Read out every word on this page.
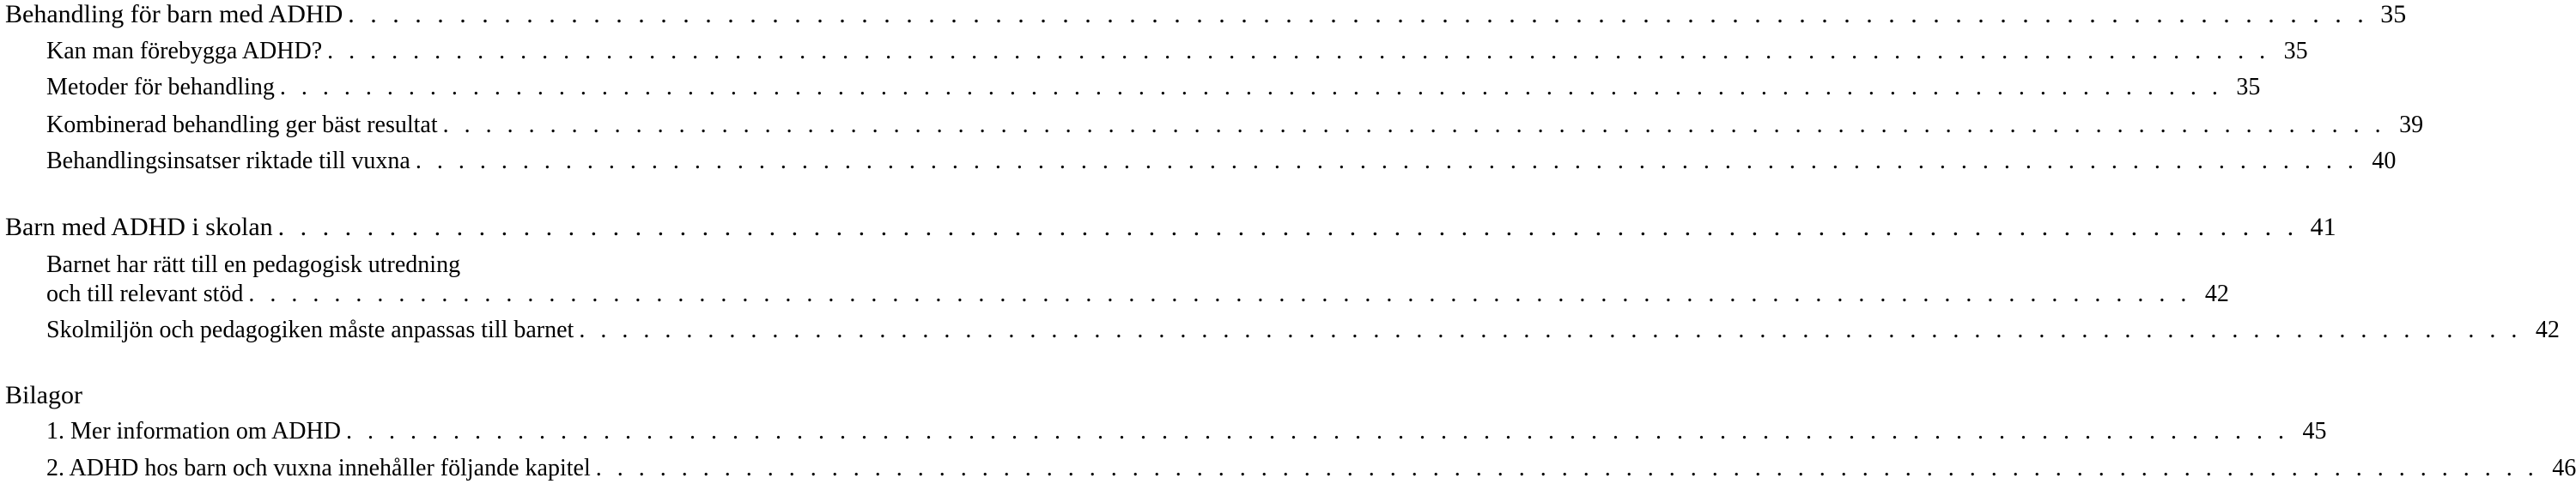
Behandling för barn med ADHD . . . . . . . . . . . . . . . . . . . . . . . . . . . . . . . . . . . . . . . . . . . . . . . . . . . . . . . . . . . . . . . . . . . . . . . . . . . . . . . . . . . . . . . . . . . 35
Kan man förebygga ADHD? . . . . . . . . . . . . . . . . . . . . . . . . . . . . . . . . . . . . . . . . . . . . . . . . . . . . . . . . . . . . . . . . . . . . . . . . . . . . . . . . . . . . . . . . . . . 35
Metoder för behandling . . . . . . . . . . . . . . . . . . . . . . . . . . . . . . . . . . . . . . . . . . . . . . . . . . . . . . . . . . . . . . . . . . . . . . . . . . . . . . . . . . . . . . . . . . . 35
Kombinerad behandling ger bäst resultat . . . . . . . . . . . . . . . . . . . . . . . . . . . . . . . . . . . . . . . . . . . . . . . . . . . . . . . . . . . . . . . . . . . . . . . . . . . . . . . . . . . . . . . . . . . 39
Behandlingsinsatser riktade till vuxna . . . . . . . . . . . . . . . . . . . . . . . . . . . . . . . . . . . . . . . . . . . . . . . . . . . . . . . . . . . . . . . . . . . . . . . . . . . . . . . . . . . . . . . . . . . 40
Barn med ADHD i skolan . . . . . . . . . . . . . . . . . . . . . . . . . . . . . . . . . . . . . . . . . . . . . . . . . . . . . . . . . . . . . . . . . . . . . . . . . . . . . . . . . . . . . . . . . . . 41
Barnet har rätt till en pedagogisk utredning
och till relevant stöd . . . . . . . . . . . . . . . . . . . . . . . . . . . . . . . . . . . . . . . . . . . . . . . . . . . . . . . . . . . . . . . . . . . . . . . . . . . . . . . . . . . . . . . . . . . 42
Skolmiljön och pedagogiken måste anpassas till barnet . . . . . . . . . . . . . . . . . . . . . . . . . . . . . . . . . . . . . . . . . . . . . . . . . . . . . . . . . . . . . . . . . . . . . . . . . . . . . . . . . . . . . . . . . . . 42
Bilagor
1. Mer information om ADHD . . . . . . . . . . . . . . . . . . . . . . . . . . . . . . . . . . . . . . . . . . . . . . . . . . . . . . . . . . . . . . . . . . . . . . . . . . . . . . . . . . . . . . . . . . . 45
2. ADHD hos barn och vuxna innehåller följande kapitel . . . . . . . . . . . . . . . . . . . . . . . . . . . . . . . . . . . . . . . . . . . . . . . . . . . . . . . . . . . . . . . . . . . . . . . . . . . . . . . . . . . . . . . . . . . 46
